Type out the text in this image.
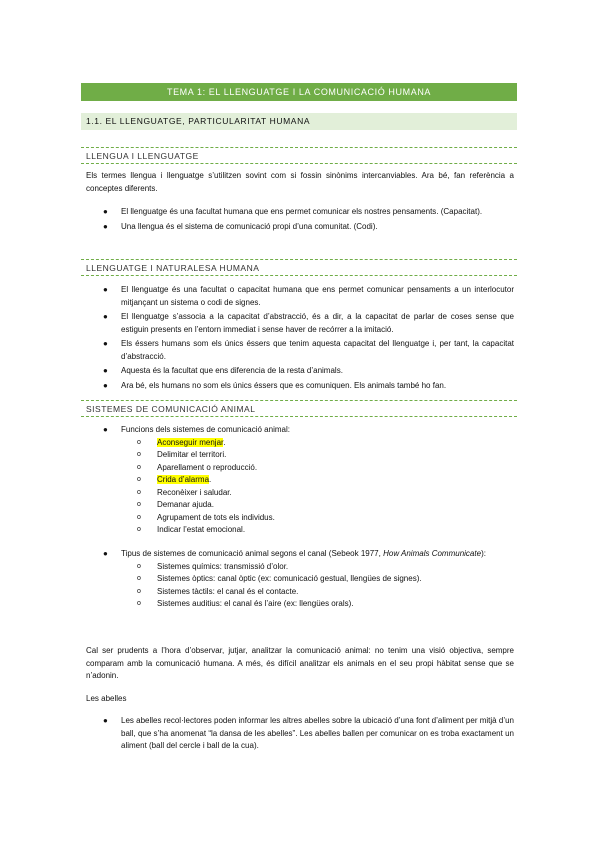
TEMA 1: EL LLENGUATGE I LA COMUNICACIÓ HUMANA
1.1. EL LLENGUATGE, PARTICULARITAT HUMANA
LLENGUA I LLENGUATGE
Els termes llengua i llenguatge s’utilitzen sovint com si fossin sinònims intercanviables. Ara bé, fan referència a conceptes diferents.
● El llenguatge és una facultat humana que ens permet comunicar els nostres pensaments. (Capacitat).
● Una llengua és el sistema de comunicació propi d’una comunitat. (Codi).
LLENGUATGE I NATURALESA HUMANA
● El llenguatge és una facultat o capacitat humana que ens permet comunicar pensaments a un interlocutor mitjançant un sistema o codi de signes.
● El llenguatge s’associa a la capacitat d’abstracció, és a dir, a la capacitat de parlar de coses sense que estiguin presents en l’entorn immediat i sense haver de recórrer a la imitació.
● Els éssers humans som els únics éssers que tenim aquesta capacitat del llenguatge i, per tant, la capacitat d’abstracció.
● Aquesta és la facultat que ens diferencia de la resta d’animals.
● Ara bé, els humans no som els únics éssers que es comuniquen. Els animals també ho fan.
SISTEMES DE COMUNICACIÓ ANIMAL
● Funcions dels sistemes de comunicació animal:
o Aconseguir menjar.
o Delimitar el territori.
o Aparellament o reproducció.
o Crida d’alarma.
o Reconèixer i saludar.
o Demanar ajuda.
o Agrupament de tots els individus.
o Indicar l’estat emocional.
● Tipus de sistemes de comunicació animal segons el canal (Sebeok 1977, How Animals Communicate):
o Sistemes químics: transmissió d’olor.
o Sistemes òptics: canal òptic (ex: comunicació gestual, llengües de signes).
o Sistemes tàctils: el canal és el contacte.
o Sistemes auditius: el canal és l’aire (ex: llengües orals).
Cal ser prudents a l’hora d’observar, jutjar, analitzar la comunicació animal: no tenim una visió objectiva, sempre comparam amb la comunicació humana. A més, és difícil analitzar els animals en el seu propi hàbitat sense que se n’adonin.
Les abelles
● Les abelles recol·lectores poden informar les altres abelles sobre la ubicació d’una font d’aliment per mitjà d’un ball, que s’ha anomenat “la dansa de les abelles”. Les abelles ballen per comunicar on es troba exactament un aliment (ball del cercle i ball de la cua).
